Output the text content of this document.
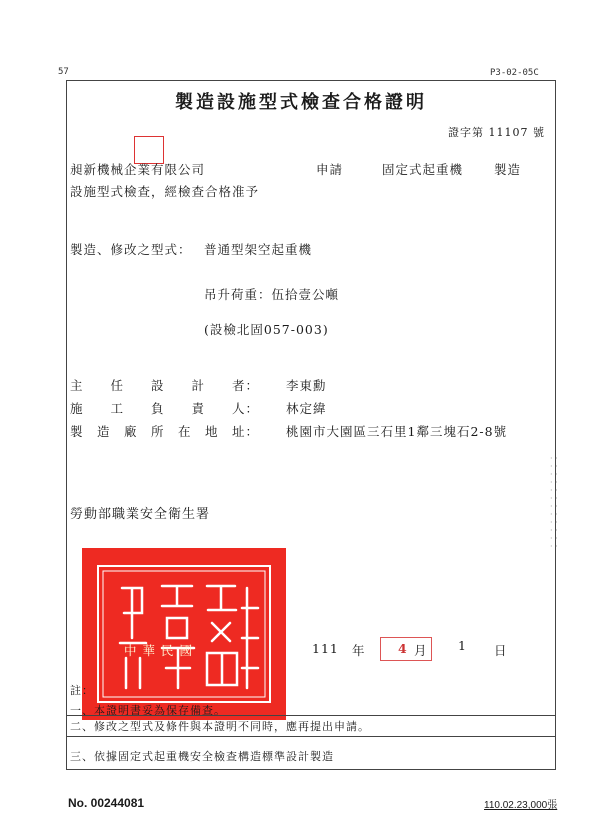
57	P3-02-05C
製造設施型式檢查合格證明
證字第 11107 號
昶新機械企業有限公司	申請	固定式起重機 製造
設施型式檢查，經檢查合格准予
製造、修改之型式： 普通型架空起重機
吊升荷重：伍拾壹公噸
(設檢北固057-003)
主　　任　　設　　計　　者： 李東勳
施　　工　　負　　責　　人： 林定緯
製　造　廠　所　在　地　址： 桃園市大園區三石里1鄰三塊石2-8號
· ·
· ·
· ·
· ·
· ·
· ·
· ·
· ·
· ·
· ·
· ·
· ·
勞動部職業安全衛生署
中華民國	111 年	4 月 1 日
註：
一、本證明書妥為保存備查。
二、修改之型式及條件與本證明不同時，應再提出申請。
三、依據固定式起重機安全檢查構造標準設計製造
No. 00244081	110.02.23,000張
